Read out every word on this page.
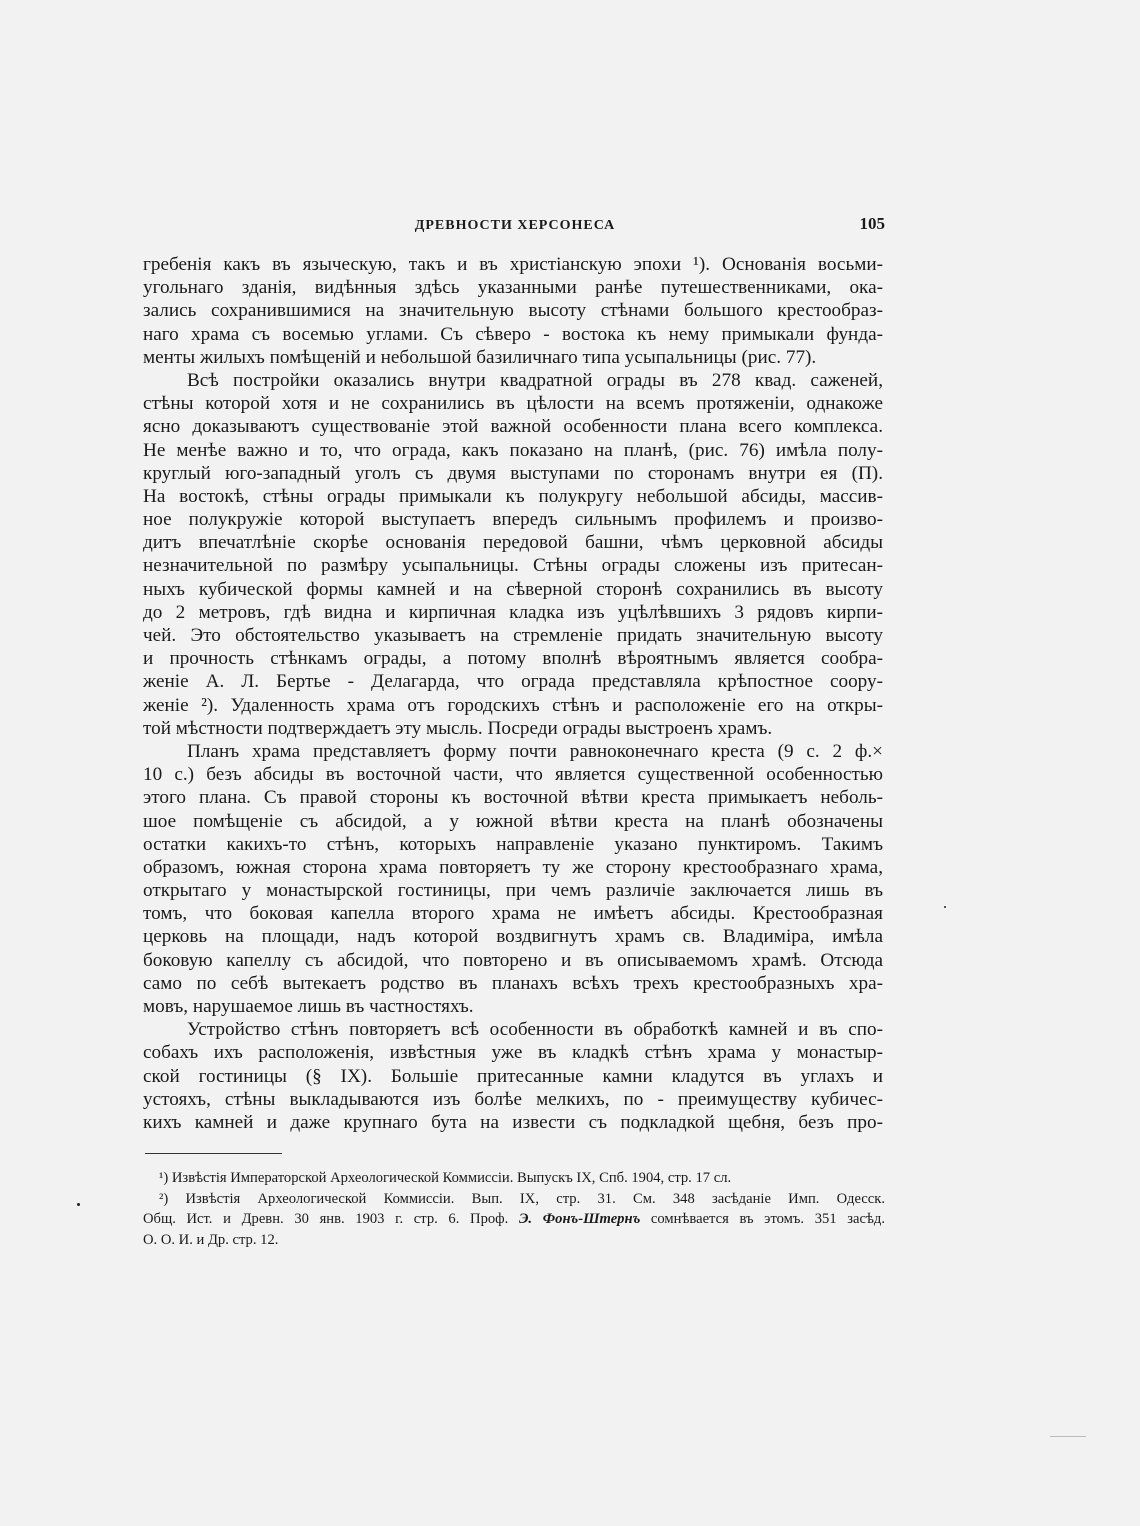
ДРЕВНОСТИ ХЕРСОНЕСА	105
гребенія какъ въ языческую, такъ и въ христіанскую эпохи ¹). Основанія восьми-
угольнаго зданія, видѣнныя здѣсь указанными ранѣе путешественниками, ока-
зались сохранившимися на значительную высоту стѣнами большого крестообраз-
наго храма съ восемью углами. Съ сѣверо - востока къ нему примыкали фунда-
менты жилыхъ помѣщеній и небольшой базиличнаго типа усыпальницы (рис. 77).
Всѣ постройки оказались внутри квадратной ограды въ 278 квад. саженей,
стѣны которой хотя и не сохранились въ цѣлости на всемъ протяженіи, однакоже
ясно доказываютъ существованіе этой важной особенности плана всего комплекса.
Не менѣе важно и то, что ограда, какъ показано на планѣ, (рис. 76) имѣла полу-
круглый юго-западный уголъ съ двумя выступами по сторонамъ внутри ея (П).
На востокѣ, стѣны ограды примыкали къ полукругу небольшой абсиды, массив-
ное полукружіе которой выступаетъ впередъ сильнымъ профилемъ и произво-
дитъ впечатлѣніе скорѣе основанія передовой башни, чѣмъ церковной абсиды
незначительной по размѣру усыпальницы. Стѣны ограды сложены изъ притесан-
ныхъ кубической формы камней и на сѣверной сторонѣ сохранились въ высоту
до 2 метровъ, гдѣ видна и кирпичная кладка изъ уцѣлѣвшихъ 3 рядовъ кирпи-
чей. Это обстоятельство указываетъ на стремленіе придать значительную высоту
и прочность стѣнкамъ ограды, а потому вполнѣ вѣроятнымъ является сообра-
женіе А. Л. Бертье - Делагарда, что ограда представляла крѣпостное соору-
женіе ²). Удаленность храма отъ городскихъ стѣнъ и расположеніе его на откры-
той мѣстности подтверждаетъ эту мысль. Посреди ограды выстроенъ храмъ.
Планъ храма представляетъ форму почти равноконечнаго креста (9 с. 2 ф.×
10 с.) безъ абсиды въ восточной части, что является существенной особенностью
этого плана. Съ правой стороны къ восточной вѣтви креста примыкаетъ неболь-
шое помѣщеніе съ абсидой, а у южной вѣтви креста на планѣ обозначены
остатки какихъ-то стѣнъ, которыхъ направленіе указано пунктиромъ. Такимъ
образомъ, южная сторона храма повторяетъ ту же сторону крестообразнаго храма,
открытаго у монастырской гостиницы, при чемъ различіе заключается лишь въ
томъ, что боковая капелла второго храма не имѣетъ абсиды. Крестообразная
церковь на площади, надъ которой воздвигнутъ храмъ св. Владиміра, имѣла
боковую капеллу съ абсидой, что повторено и въ описываемомъ храмѣ. Отсюда
само по себѣ вытекаетъ родство въ планахъ всѣхъ трехъ крестообразныхъ хра-
мовъ, нарушаемое лишь въ частностяхъ.
Устройство стѣнъ повторяетъ всѣ особенности въ обработкѣ камней и въ спо-
собахъ ихъ расположенія, извѣстныя уже въ кладкѣ стѣнъ храма у монастыр-
ской гостиницы (§ IX). Большіе притесанные камни кладутся въ углахъ и
устояхъ, стѣны выкладываются изъ болѣе мелкихъ, по - преимуществу кубичес-
кихъ камней и даже крупнаго бута на извести съ подкладкой щебня, безъ про-
¹) Извѣстія Императорской Археологической Коммиссіи. Выпускъ IX, Спб. 1904, стр. 17 сл.
²) Извѣстія Археологической Коммиссіи. Вып. IX, стр. 31. См. 348 засѣданіе Имп. Одесск.
Общ. Ист. и Древн. 30 янв. 1903 г. стр. 6. Проф. Э. Фонъ-Штернъ сомнѣвается въ этомъ. 351 засѣд.
О. О. И. и Др. стр. 12.
